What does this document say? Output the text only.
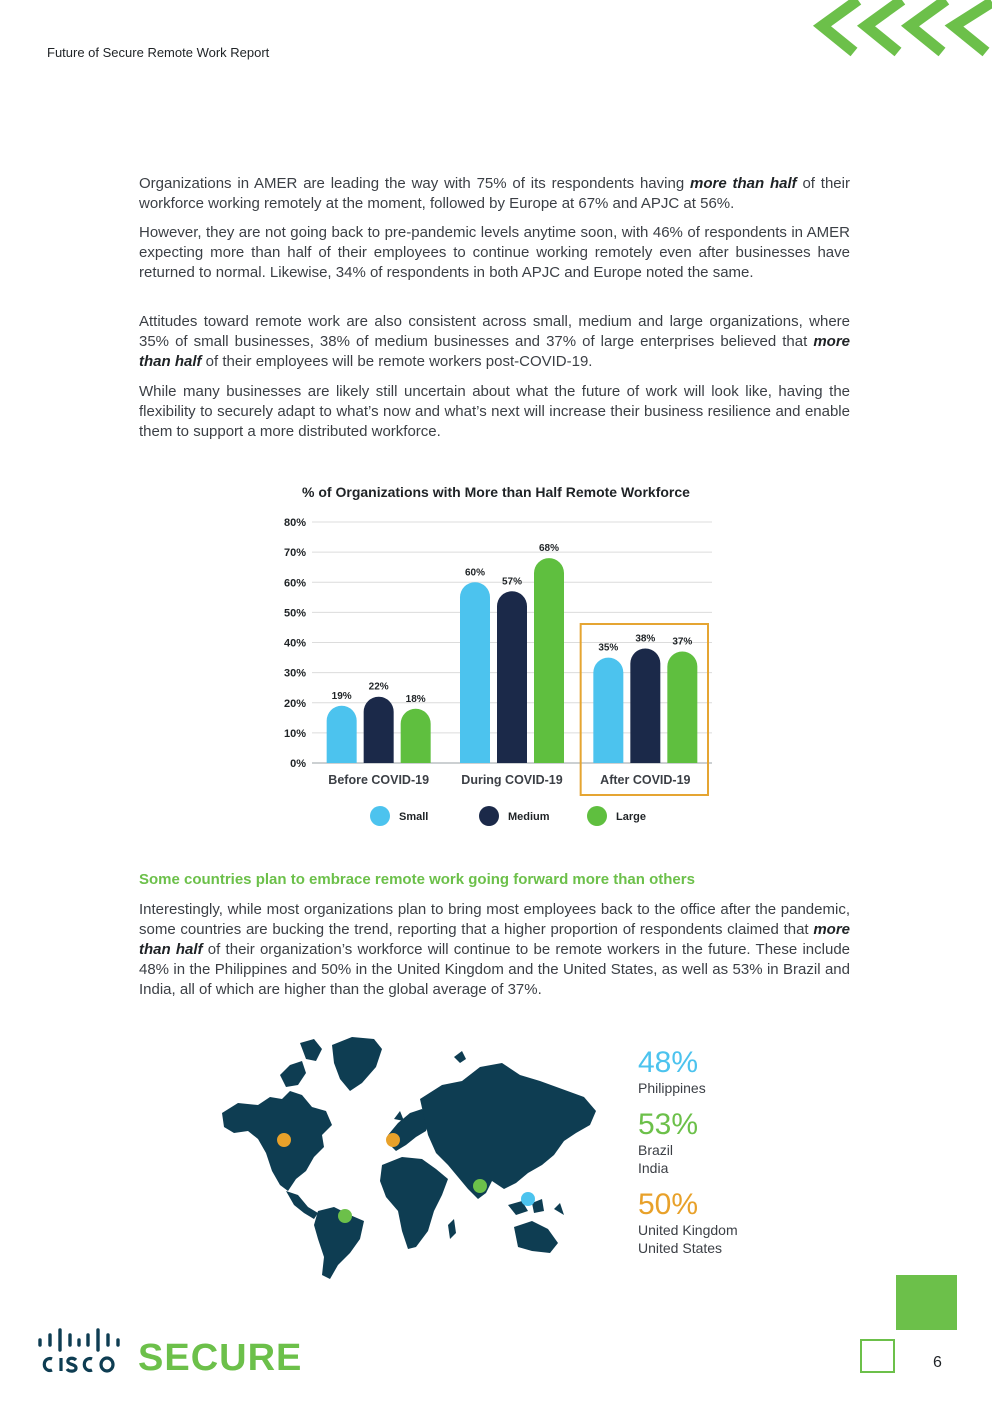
Future of Secure Remote Work Report

Organizations in AMER are leading the way with 75% of its respondents having more than half of their workforce working remotely at the moment, followed by Europe at 67% and APJC at 56%.

However, they are not going back to pre-pandemic levels anytime soon, with 46% of respondents in AMER expecting more than half of their employees to continue working remotely even after businesses have returned to normal. Likewise, 34% of respondents in both APJC and Europe noted the same.

Attitudes toward remote work are also consistent across small, medium and large organizations, where 35% of small businesses, 38% of medium businesses and 37% of large enterprises believed that more than half of their employees will be remote workers post-COVID-19.

While many businesses are likely still uncertain about what the future of work will look like, having the flexibility to securely adapt to what’s now and what’s next will increase their business resilience and enable them to support a more distributed workforce.

% of Organizations with More than Half Remote Workforce
0%
10%
20%
30%
40%
50%
60%
70%
80%
19%
22%
18%
Before COVID-19
60%
57%
68%
During COVID-19
35%
38% 37%
After COVID-19
Small	Medium	Large
Some countries plan to embrace remote work going forward more than others

Interestingly, while most organizations plan to bring most employees back to the office after the pandemic, some countries are bucking the trend, reporting that a higher proportion of respondents claimed that more than half of their organization’s workforce will continue to be remote workers in the future. These include 48% in the Philippines and 50% in the United Kingdom and the United States, as well as 53% in Brazil and India, all of which are higher than the global average of 37%.

48%
Philippines
53%
Brazil
India
50%
United Kingdom
United States
SECURE	6
